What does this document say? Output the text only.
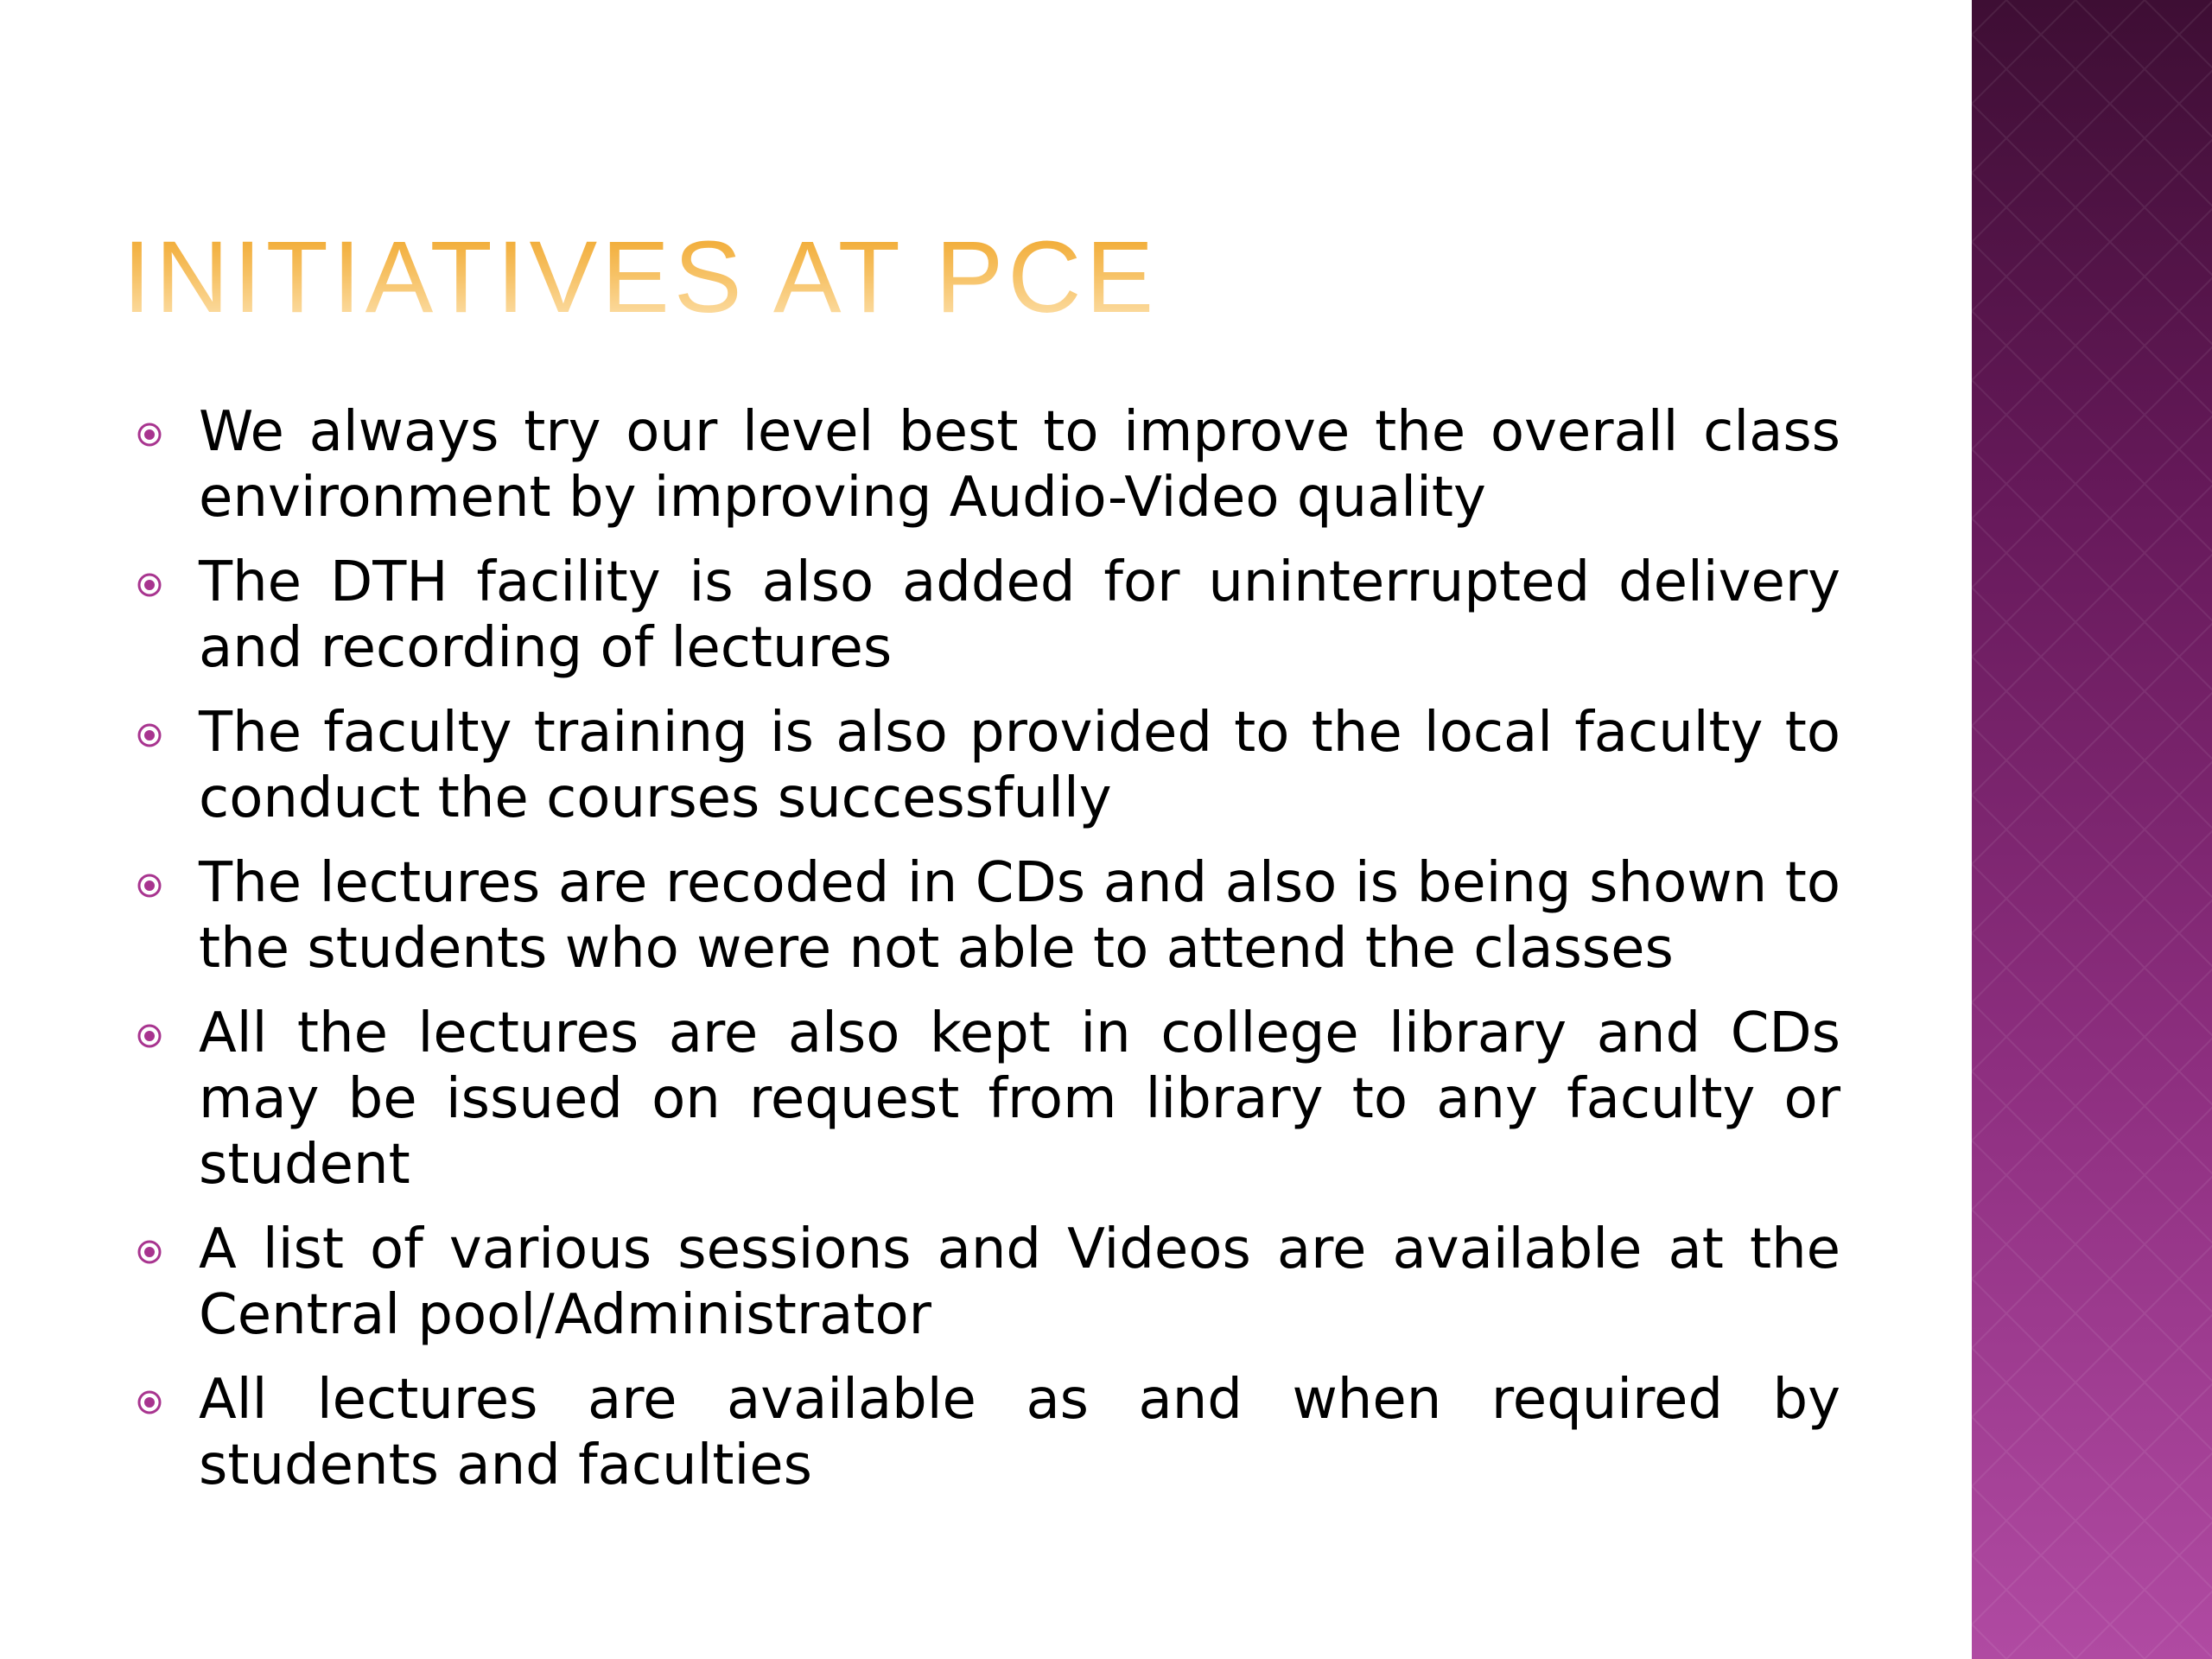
INITIATIVES AT PCE
We always try our level best to improve the overall class environment by improving Audio-Video quality
The DTH facility is also added for uninterrupted delivery and recording of lectures
The faculty training is also provided to the local faculty to conduct the courses successfully
The lectures are recoded in CDs and also is being shown to the students who were not able to attend the classes
All the lectures are also kept in college library and CDs may be issued on request from library to any faculty or student
A list of various sessions and Videos are available at the Central pool/Administrator
All lectures are available as and when required by students and faculties
